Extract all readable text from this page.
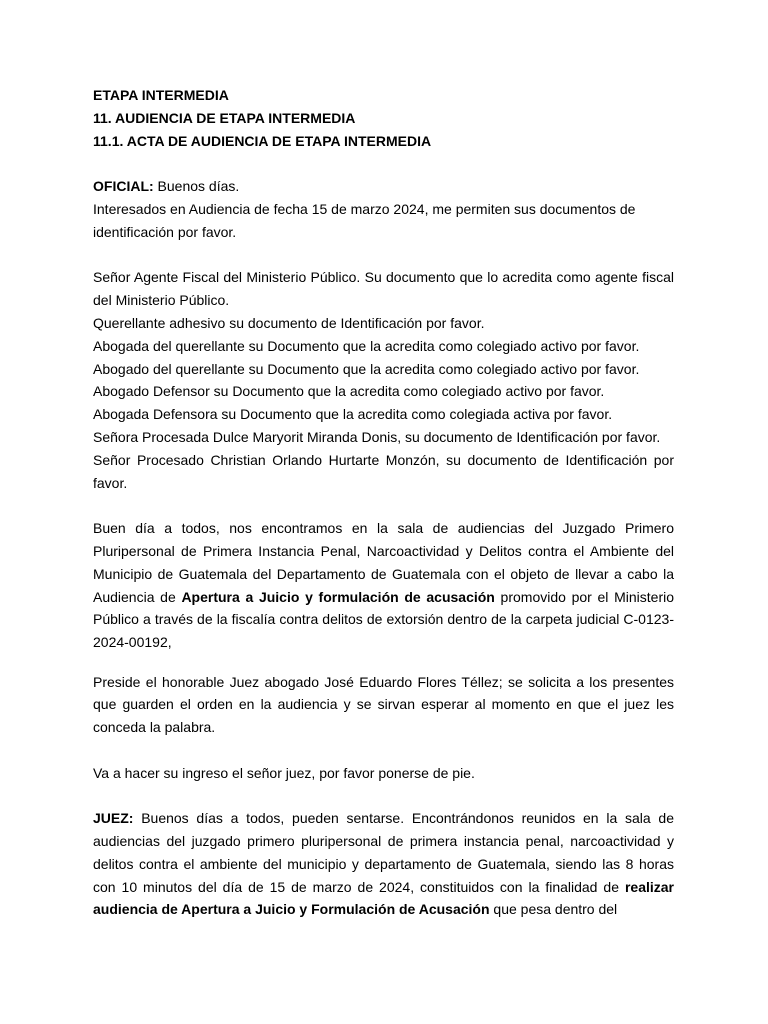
ETAPA INTERMEDIA

11. AUDIENCIA DE ETAPA INTERMEDIA

11.1. ACTA DE AUDIENCIA DE ETAPA INTERMEDIA

OFICIAL: Buenos días.

Interesados en Audiencia de fecha 15 de marzo 2024, me permiten sus documentos de identificación por favor.

Señor Agente Fiscal del Ministerio Público. Su documento que lo acredita como agente fiscal del Ministerio Público.

Querellante adhesivo su documento de Identificación por favor.

Abogada del querellante su Documento que la acredita como colegiado activo por favor.

Abogado del querellante su Documento que la acredita como colegiado activo por favor.

Abogado Defensor su Documento que la acredita como colegiado activo por favor.

Abogada Defensora su Documento que la acredita como colegiada activa por favor.

Señora Procesada Dulce Maryorit Miranda Donis, su documento de Identificación por favor.

Señor Procesado Christian Orlando Hurtarte Monzón, su documento de Identificación por favor.

Buen día a todos, nos encontramos en la sala de audiencias del Juzgado Primero Pluripersonal de Primera Instancia Penal, Narcoactividad y Delitos contra el Ambiente del Municipio de Guatemala del Departamento de Guatemala con el objeto de llevar a cabo la Audiencia de Apertura a Juicio y formulación de acusación promovido por el Ministerio Público a través de la fiscalía contra delitos de extorsión dentro de la carpeta judicial C-0123-2024-00192,

Preside el honorable Juez abogado José Eduardo Flores Téllez; se solicita a los presentes que guarden el orden en la audiencia y se sirvan esperar al momento en que el juez les conceda la palabra.

Va a hacer su ingreso el señor juez, por favor ponerse de pie.

JUEZ: Buenos días a todos, pueden sentarse. Encontrándonos reunidos en la sala de audiencias del juzgado primero pluripersonal de primera instancia penal, narcoactividad y delitos contra el ambiente del municipio y departamento de Guatemala, siendo las 8 horas con 10 minutos del día de 15 de marzo de 2024, constituidos con la finalidad de realizar audiencia de Apertura a Juicio y Formulación de Acusación que pesa dentro del
